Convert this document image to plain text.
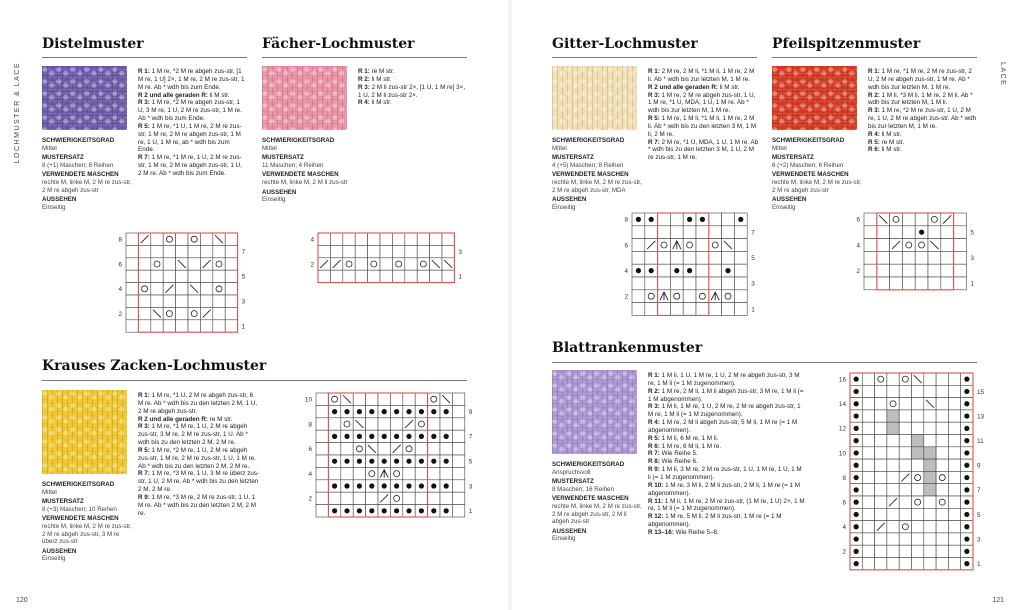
LOCHMUSTER & LACE	LACE
120	121
Distelmuster
SCHWIERIGKEITSGRAD
Mittel
MUSTERSATZ
8 (+1) Maschen; 8 Reihen
VERWENDETE MASCHEN
rechte M, linke M, 2 M re zus-str, 2 M re abgeh zus-str
AUSSEHEN
Einseitig
R 1: 1 M re, *2 M re abgeh zus-str, [1 M re, 1 U] 2×, 1 M re, 2 M re zus-str, 1 M re. Ab * wdh bis zum Ende.
R 2 und alle geraden R: li M str.
R 3: 1 M re, *2 M re abgeh zus-str, 1 U, 3 M re, 1 U, 2 M re zus-str, 1 M re. Ab * wdh bis zum Ende.
R 5: 1 M re, *1 U, 1 M re, 2 M re zus-str, 1 M re, 2 M re abgeh zus-str, 1 M re, 1 U, 1 M re, ab * wdh bis zum Ende.
R 7: 1 M re, *1 M re, 1 U, 2 M re zus-str, 1 M re, 2 M re abgeh zus-str, 1 U, 2 M re. Ab * wdh bis zum Ende.
8
6
4
2
7
5
3
1
Fächer-Lochmuster
SCHWIERIGKEITSGRAD
Mittel
MUSTERSATZ
11 Maschen; 4 Reihen
VERWENDETE MASCHEN
rechte M, linke M, 2 M li zus-str
AUSSEHEN
Einseitig
R 1: re M str.
R 2: li M str.
R 3: 2 M li zus-str 2×, [1 U, 1 M re] 3×, 1 U, 2 M li zus-str 2×.
R 4: li M str.
4
2
3
1
Gitter-Lochmuster
SCHWIERIGKEITSGRAD
Mittel
MUSTERSATZ
4 (+5) Maschen; 8 Reihen
VERWENDETE MASCHEN
rechte M, linke M, 2 M re zus-str, 2 M re abgeh zus-str, MDA
AUSSEHEN
Einseitig
R 1: 2 M re, 2 M li, *1 M li, 1 M re, 2 M li. Ab * wdh bis zur letzten M, 1 M re.
R 2 und alle geraden R: li M str.
R 3: 1 M re, 2 M re abgeh zus-str, 1 U, 1 M re, *1 U, MDA, 1 U, 1 M re. Ab * wdh bis zur letzten M, 1 M re.
R 5: 1 M re, 1 M li, *1 M li, 1 M re, 2 M li. Ab * wdh bis zu den letzten 3 M, 1 M li, 2 M re.
R 7: 2 M re, *1 U, MDA, 1 U, 1 M re. Ab * wdh bis zu den letzten 3 M, 1 U, 2 M re zus-str, 1 M re.
8
6
4
2
7
5
3
1
Pfeilspitzenmuster
SCHWIERIGKEITSGRAD
Mittel
MUSTERSATZ
6 (+2) Maschen; 6 Reihen
VERWENDETE MASCHEN
rechte M, linke M, 2 M re zus-str, 2 M re abgeh zus-str
AUSSEHEN
Einseitig
R 1: 1 M re, *1 M re, 2 M re zus-str, 2 U, 2 M re abgeh zus-str, 1 M re. Ab * wdh bis zur letzten M, 1 M re.
R 2: 1 M li, *3 M li, 1 M re, 2 M li. Ab * wdh bis zur letzten M, 1 M li.
R 3: 1 M re, *2 M re zus-str, 1 U, 2 M re, 1 U, 2 M re abgeh zus-str. Ab * wdh bis zur letzten M, 1 M re.
R 4: li M str.
R 5: re M str.
R 6: li M str.
6
4
2
5
3
1
Krauses Zacken-Lochmuster
SCHWIERIGKEITSGRAD
Mittel
MUSTERSATZ
8 (+3) Maschen; 10 Reihen
VERWENDETE MASCHEN
rechte M, linke M, 2 M re zus-str, 2 M re abgeh zus-str, 3 M re überz zus-str
AUSSEHEN
Einseitig
R 1: 1 M re, *1 U, 2 M re abgeh zus-str, 6 M re. Ab * wdh bis zu den letzten 2 M, 1 U, 2 M re abgeh zus-str.
R 2 und alle geraden R: re M str.
R 3: 1 M re, *1 M re, 1 U, 2 M re abgeh zus-str, 3 M re, 2 M re zus-str, 1 U. Ab * wdh bis zu den letzten 2 M, 2 M re.
R 5: 1 M re, *2 M re, 1 U, 2 M re abgeh zus-str, 1 M re, 2 M re zus-str, 1 U, 1 M re. Ab * wdh bis zu den letzten 2 M, 2 M re.
R 7: 1 M re, *3 M re, 1 U, 3 M re überz zus-str, 1 U, 2 M re. Ab * wdh bis zu den letzten 2 M, 2 M re.
R 9: 1 M re, *3 M re, 2 M re zus-str, 1 U, 1 M re. Ab * wdh bis zu den letzten 2 M, 2 M re.
10
8
6
4
2
9
7
5
3
1
Blattrankenmuster
SCHWIERIGKEITSGRAD
Anspruchsvoll
MUSTERSATZ
8 Maschen; 16 Reihen
VERWENDETE MASCHEN
rechte M, linke M, 2 M re zus-str, 2 M re abgeh zus-str, 2 M li abgeh zus-str
AUSSEHEN
Einseitig
R 1: 1 M li, 1 U, 1 M re, 1 U, 2 M re abgeh zus-str, 3 M re, 1 M li (= 1 M zugenommen).
R 2: 1 M re, 2 M li, 1 M li abgeh zus-str, 3 M re, 1 M li (= 1 M abgenommen).
R 3: 1 M li, 1 M re, 1 U, 2 M re, 2 M re abgeh zus-str, 1 M re, 1 M li (= 1 M zugenommen).
R 4: 1 M re, 2 M li abgeh zus-str, 5 M li, 1 M re (= 1 M abgenommen).
R 5: 1 M li, 6 M re, 1 M li.
R 6: 1 M re, 6 M li, 1 M re.
R 7: Wie Reihe 5.
R 8: Wie Reihe 6.
R 9: 1 M li, 3 M re, 2 M re zus-str, 1 U, 1 M re, 1 U, 1 M li (= 1 M zugenommen).
R 10: 1 M re, 3 M li, 2 M li zus-str, 2 M li, 1 M re (= 1 M abgenommen).
R 11: 1 M li, 1 M re, 2 M re zus-str, (1 M re, 1 U) 2×, 1 M re, 1 M li (= 1 M zugenommen).
R 12: 1 M re, 5 M li, 2 M li zus-str, 1 M re (= 1 M abgenommen).
R 13–16: Wie Reihe 5–8.
16
14
12
10
8
6
4
2
15
13
11
9
7
5
3
1
